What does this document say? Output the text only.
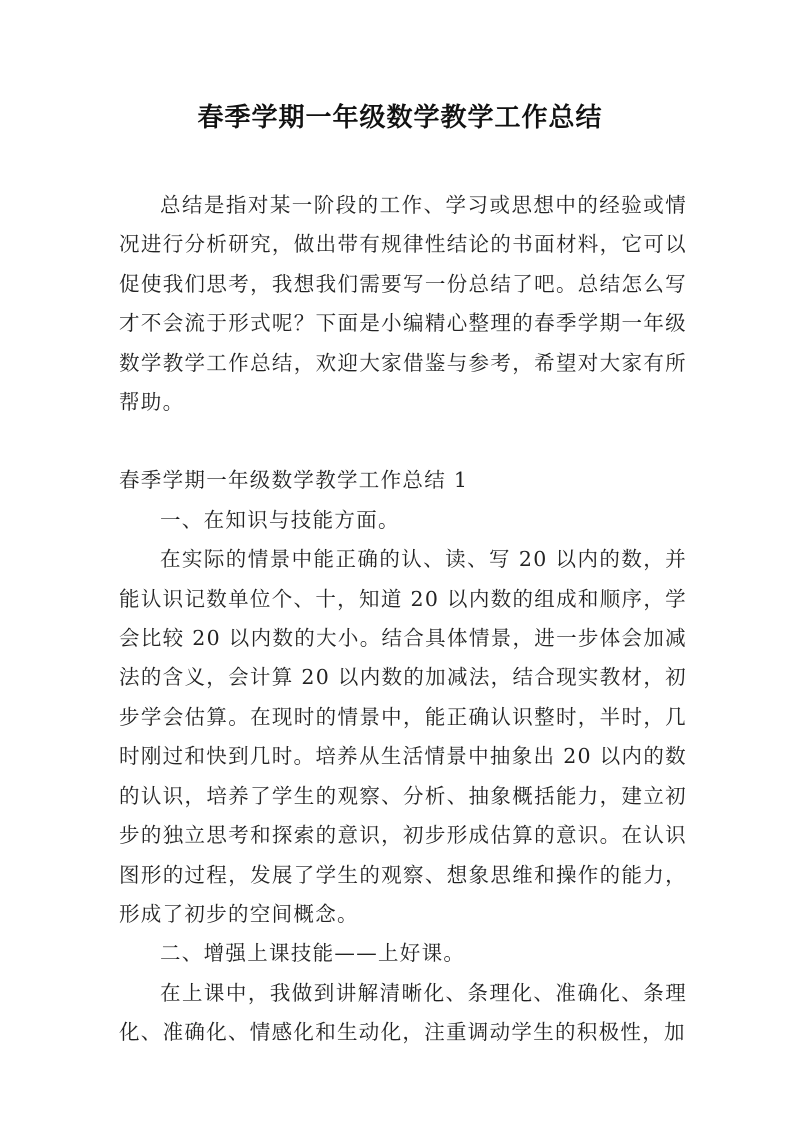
春季学期一年级数学教学工作总结

总结是指对某一阶段的工作、学习或思想中的经验或情况进行分析研究，做出带有规律性结论的书面材料，它可以促使我们思考，我想我们需要写一份总结了吧。总结怎么写才不会流于形式呢？下面是小编精心整理的春季学期一年级数学教学工作总结，欢迎大家借鉴与参考，希望对大家有所帮助。

春季学期一年级数学教学工作总结 1

一、在知识与技能方面。

在实际的情景中能正确的认、读、写 20 以内的数，并能认识记数单位个、十，知道 20 以内数的组成和顺序，学会比较 20 以内数的大小。结合具体情景，进一步体会加减法的含义，会计算 20 以内数的加减法，结合现实教材，初步学会估算。在现时的情景中，能正确认识整时，半时，几时刚过和快到几时。培养从生活情景中抽象出 20 以内的数的认识，培养了学生的观察、分析、抽象概括能力，建立初步的独立思考和探索的意识，初步形成估算的意识。在认识图形的过程，发展了学生的观察、想象思维和操作的能力，形成了初步的空间概念。

二、增强上课技能——上好课。

在上课中，我做到讲解清晰化、条理化、准确化、条理化、准确化、情感化和生动化，注重调动学生的积极性，加
